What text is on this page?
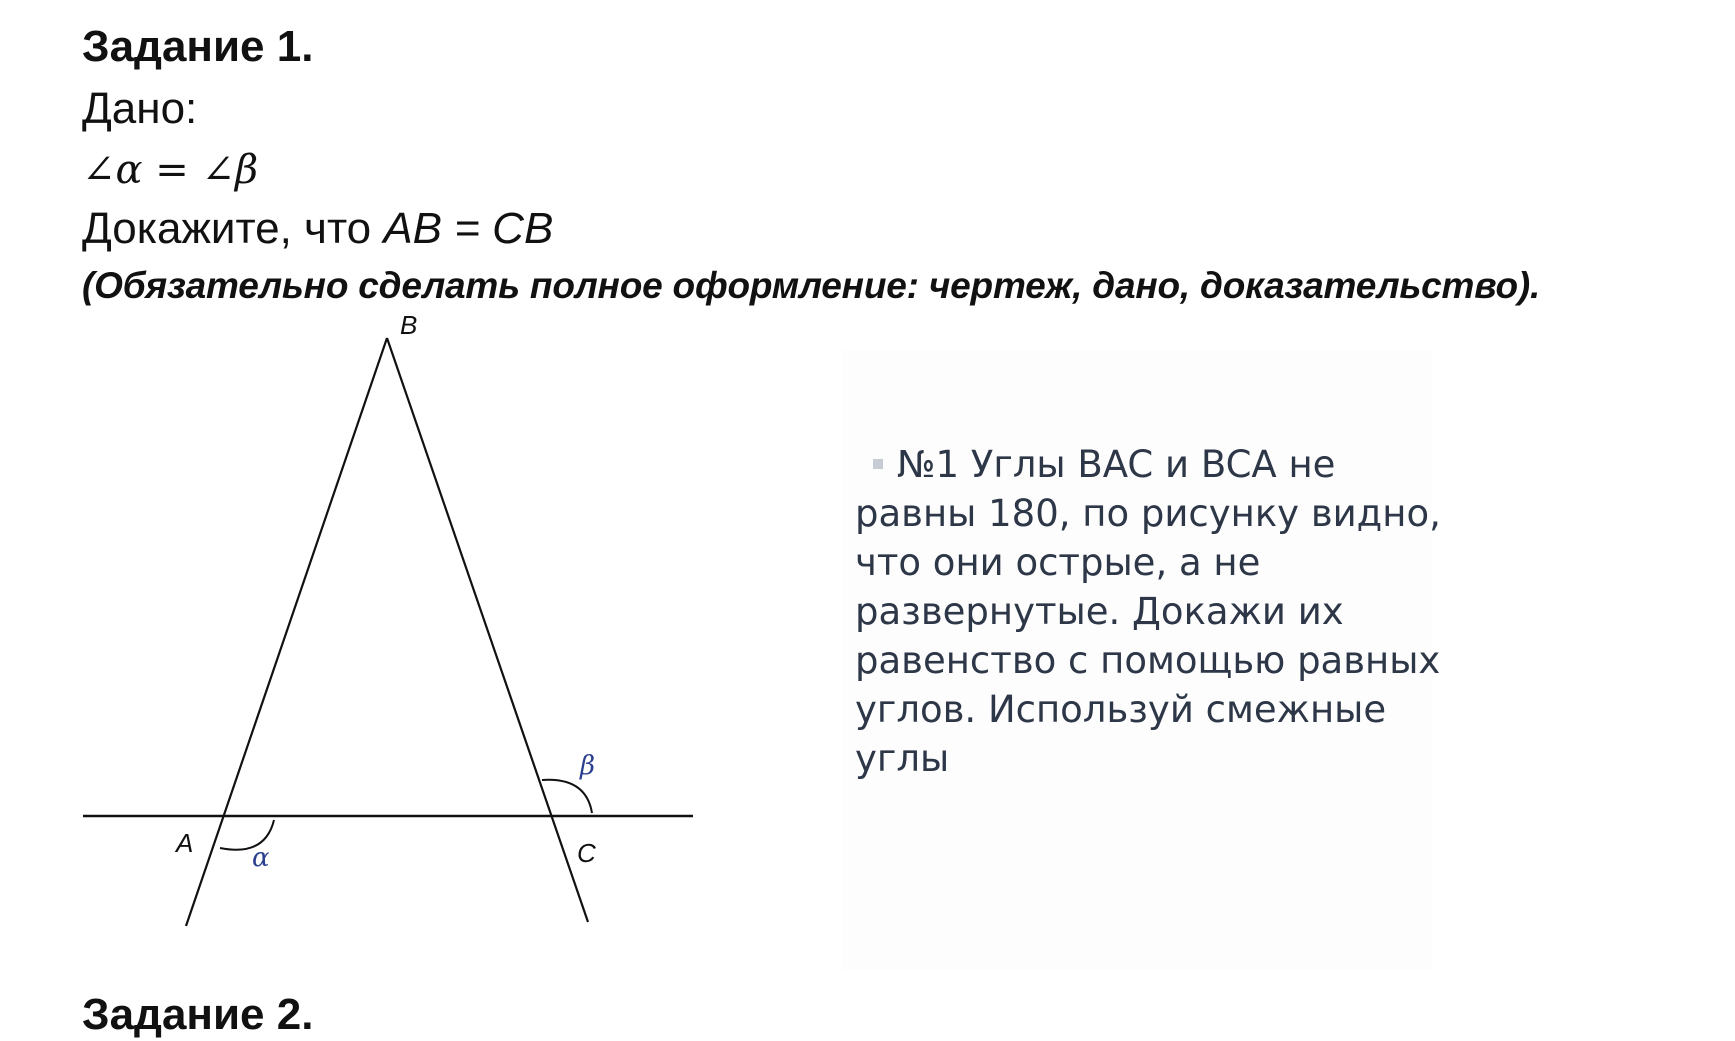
Задание 1.
Дано:
∠α = ∠β
Докажите, что AB = CB
(Обязательно сделать полное оформление: чертеж, дано, доказательство).
B
A	C
α
β
№1 Углы BAC и BCA не равны 180, по рисунку видно, что они острые, а не развернутые. Докажи их равенство с помощью равных углов. Используй смежные углы
Задание 2.
